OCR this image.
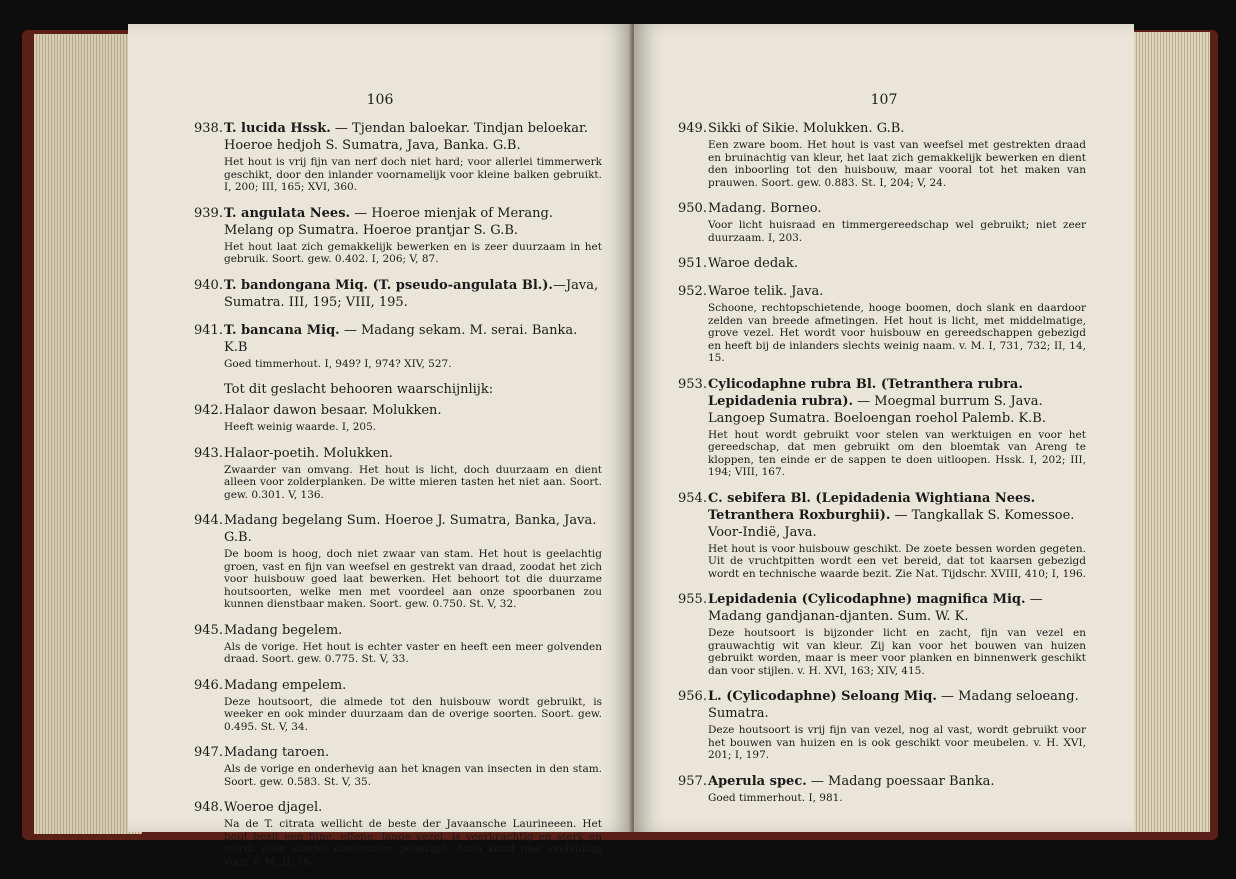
106
938.T. lucida Hssk. — Tjendan baloekar. Tindjan beloekar. Hoeroe hedjoh S. Sumatra, Java, Banka. G.B.
Het hout is vrij fijn van nerf doch niet hard; voor allerlei timmerwerk geschikt, door den inlander voornamelijk voor kleine balken gebruikt. I, 200; III, 165; XVI, 360.
939.T. angulata Nees. — Hoeroe mienjak of Merang. Melang op Sumatra. Hoeroe prantjar S. G.B.
Het hout laat zich gemakkelijk bewerken en is zeer duurzaam in het gebruik. Soort. gew. 0.402. I, 206; V, 87.
940.T. bandongana Miq. (T. pseudo-angulata Bl.).—Java, Sumatra. III, 195; VIII, 195.
941.T. bancana Miq. — Madang sekam. M. serai. Banka. K.B
Goed timmerhout. I, 949? I, 974? XIV, 527.
Tot dit geslacht behooren waarschijnlijk:
942.Halaor dawon besaar. Molukken.
Heeft weinig waarde. I, 205.
943.Halaor-poetih. Molukken.
Zwaarder van omvang. Het hout is licht, doch duurzaam en dient alleen voor zolderplanken. De witte mieren tasten het niet aan. Soort. gew. 0.301. V, 136.
944.Madang begelang Sum. Hoeroe J. Sumatra, Banka, Java. G.B.
De boom is hoog, doch niet zwaar van stam. Het hout is geelachtig groen, vast en fijn van weefsel en gestrekt van draad, zoodat het zich voor huisbouw goed laat bewerken. Het behoort tot die duurzame houtsoorten, welke men met voordeel aan onze spoorbanen zou kunnen dienstbaar maken. Soort. gew. 0.750. St. V, 32.
945.Madang begelem.
Als de vorige. Het hout is echter vaster en heeft een meer golvenden draad. Soort. gew. 0.775. St. V, 33.
946.Madang empelem.
Deze houtsoort, die almede tot den huisbouw wordt gebruikt, is weeker en ook minder duurzaam dan de overige soorten. Soort. gew. 0.495. St. V, 34.
947.Madang taroen.
Als de vorige en onderhevig aan het knagen van insecten in den stam. Soort. gew. 0.583. St. V, 35.
948.Woeroe djagel.
Na de T. citrata wellicht de beste der Javaansche Laurineeen. Het hout bezit een fijne, effene, lange vezel, is veerkrachtig en sterk en wordt voor allerlei doeleinden gebezigd, doch komt niet veelvuldig voor. v. M. II, 56.
107
949.Sikki of Sikie. Molukken. G.B.
Een zware boom. Het hout is vast van weefsel met gestrekten draad en bruinachtig van kleur, het laat zich gemakkelijk bewerken en dient den inboorling tot den huisbouw, maar vooral tot het maken van prauwen. Soort. gew. 0.883. St. I, 204; V, 24.
950.Madang. Borneo.
Voor licht huisraad en timmergereedschap wel gebruikt; niet zeer duurzaam. I, 203.
951.Waroe dedak.
952.Waroe telik. Java.
Schoone, rechtopschietende, hooge boomen, doch slank en daardoor zelden van breede afmetingen. Het hout is licht, met middelmatige, grove vezel. Het wordt voor huisbouw en gereedschappen gebezigd en heeft bij de inlanders slechts weinig naam. v. M. I, 731, 732; II, 14, 15.
953.Cylicodaphne rubra Bl. (Tetranthera rubra. Lepidadenia rubra). — Moegmal burrum S. Java. Langoep Sumatra. Boeloengan roehol Palemb. K.B.
Het hout wordt gebruikt voor stelen van werktuigen en voor het gereedschap, dat men gebruikt om den bloemtak van Areng te kloppen, ten einde er de sappen te doen uitloopen. Hssk. I, 202; III, 194; VIII, 167.
954.C. sebifera Bl. (Lepidadenia Wightiana Nees. Tetranthera Roxburghii). — Tangkallak S. Komessoe. Voor-Indië, Java.
Het hout is voor huisbouw geschikt. De zoete bessen worden gegeten. Uit de vruchtpitten wordt een vet bereid, dat tot kaarsen gebezigd wordt en technische waarde bezit. Zie Nat. Tijdschr. XVIII, 410; I, 196.
955.Lepidadenia (Cylicodaphne) magnifica Miq. — Madang gandjanan-djanten. Sum. W. K.
Deze houtsoort is bijzonder licht en zacht, fijn van vezel en grauwachtig wit van kleur. Zij kan voor het bouwen van huizen gebruikt worden, maar is meer voor planken en binnenwerk geschikt dan voor stijlen. v. H. XVI, 163; XIV, 415.
956.L. (Cylicodaphne) Seloang Miq. — Madang seloeang. Sumatra.
Deze houtsoort is vrij fijn van vezel, nog al vast, wordt gebruikt voor het bouwen van huizen en is ook geschikt voor meubelen. v. H. XVI, 201; I, 197.
957.Aperula spec. — Madang poessaar Banka.
Goed timmerhout. I, 981.
